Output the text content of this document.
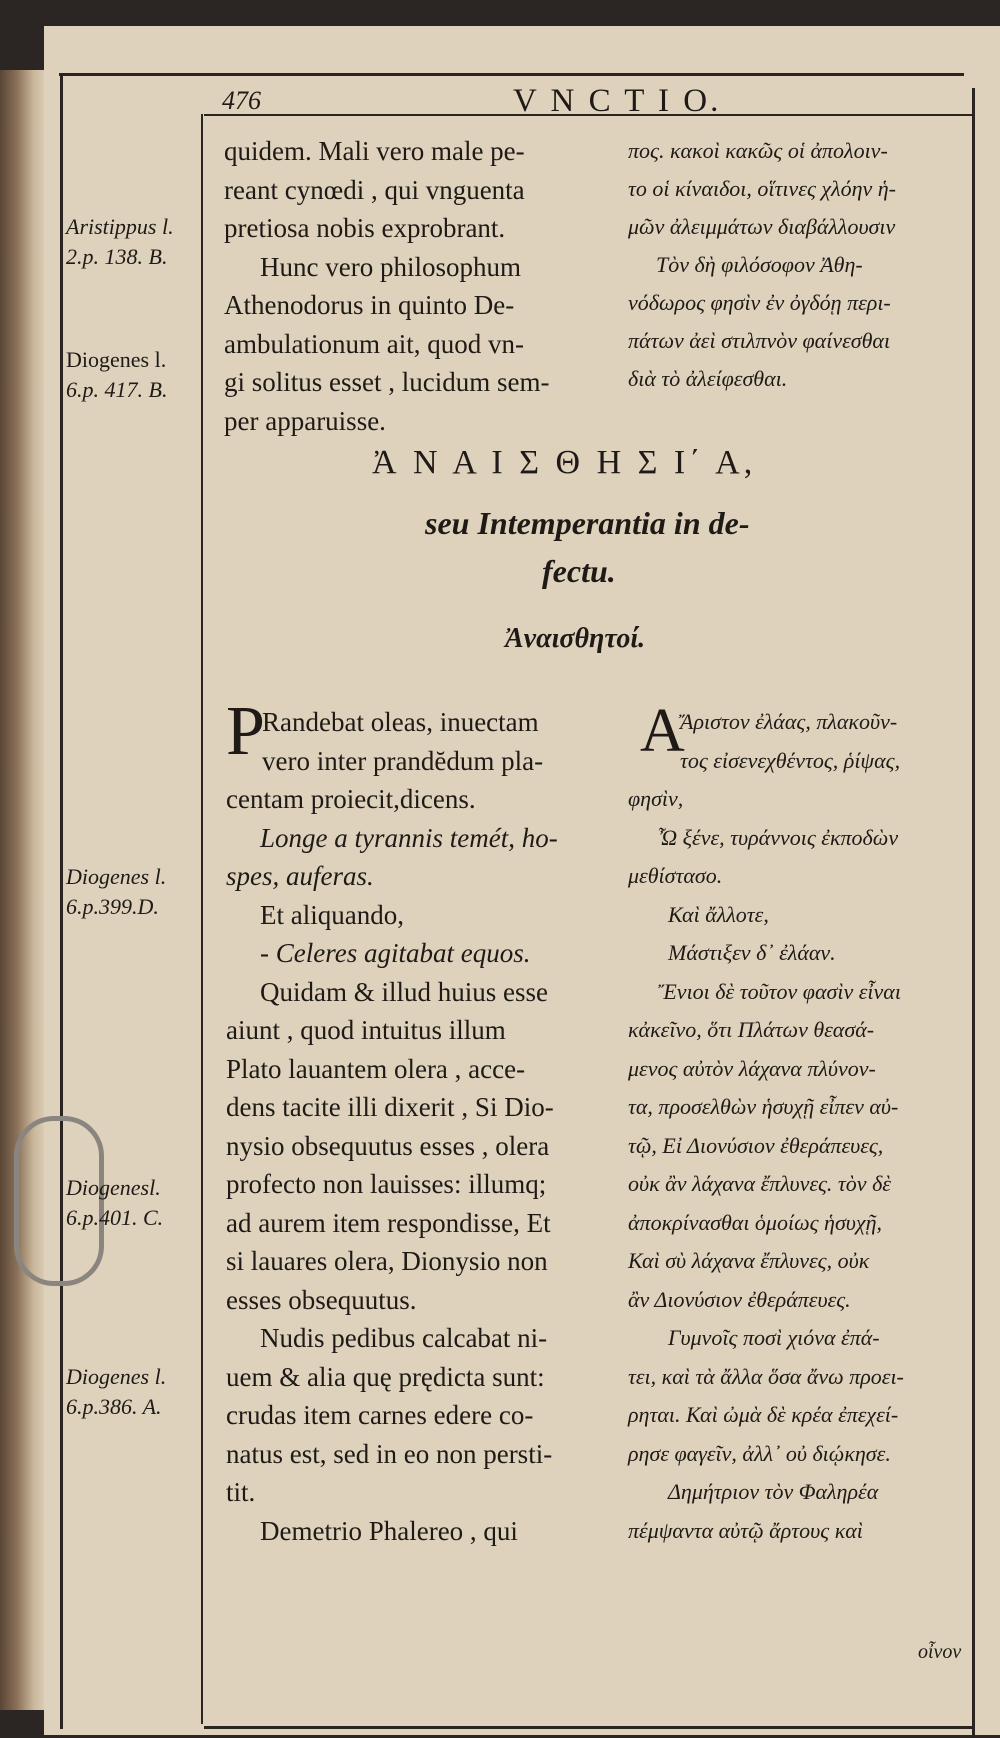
476	V N C T I O.
Aristippus l.
2.p. 138. B.
Diogenes l.
6.p. 417. B.
Diogenes l.
6.p.399.D.
Diogenesl.
6.p.401. C.
Diogenes l.
6.p.386. A.
quidem. Mali vero male pe-
reant cynœdi , qui vnguenta
pretiosa nobis exprobrant.
Hunc vero philosophum
Athenodorus in quinto De-
ambulationum ait, quod vn-
gi solitus esset , lucidum sem-
per apparuisse.
πος. κακοὶ κακῶς οἱ ἀπολοιν-
το οἱ κίναιδοι, οἵτινες χλόην ἡ-
μῶν ἀλειμμάτων διαβάλλουσιν
Τὸν δὴ φιλόσοφον Ἀθη-
νόδωρος φησὶν ἐν ὀγδόῃ περι-
πάτων ἀεὶ στιλπνὸν φαίνεσθαι
διὰ τὸ ἀλείφεσθαι.
Ἀ Ν Α Ι Σ Θ Η Σ Ι΄ Α,
seu Intemperantia in de-
fectu.
Ἀναισθητοί.
P
Randebat oleas, inuectam
vero inter prandĕdum pla-
centam proiecit,dicens.
Longe a tyrannis temét, ho-
spes, auferas.
Et aliquando,
- Celeres agitabat equos.
Quidam & illud huius esse
aiunt , quod intuitus illum
Plato lauantem olera , acce-
dens tacite illi dixerit , Si Dio-
nysio obsequutus esses , olera
profecto non lauisses: illumq;
ad aurem item respondisse, Et
si lauares olera, Dionysio non
esses obsequutus.
Nudis pedibus calcabat ni-
uem & alia quę prędicta sunt:
crudas item carnes edere co-
natus est, sed in eo non persti-
tit.
Demetrio Phalereo , qui
Α
Ἄριστον ἐλάας, πλακοῦν-
τος εἰσενεχθέντος, ῥίψας,
φησὶν,
Ὦ ξένε, τυράννοις ἐκποδὼν
μεθίστασο.
Καὶ ἄλλοτε,
Μάστιξεν δ᾽ ἐλάαν.
Ἔνιοι δὲ τοῦτον φασὶν εἶναι
κἀκεῖνο, ὅτι Πλάτων θεασά-
μενος αὐτὸν λάχανα πλύνον-
τα, προσελθὼν ἡσυχῇ εἶπεν αὐ-
τῷ, Εἰ Διονύσιον ἐθεράπευες,
οὐκ ἂν λάχανα ἔπλυνες. τὸν δὲ
ἀποκρίνασθαι ὁμοίως ἡσυχῇ,
Καὶ σὺ λάχανα ἔπλυνες, οὐκ
ἂν Διονύσιον ἐθεράπευες.
Γυμνοῖς ποσὶ χιόνα ἐπά-
τει, καὶ τὰ ἄλλα ὅσα ἄνω προει-
ρηται. Καὶ ὠμὰ δὲ κρέα ἐπεχεί-
ρησε φαγεῖν, ἀλλ᾽ οὐ διῴκησε.
Δημήτριον τὸν Φαληρέα
πέμψαντα αὐτῷ ἄρτους καὶ
οἶνον
